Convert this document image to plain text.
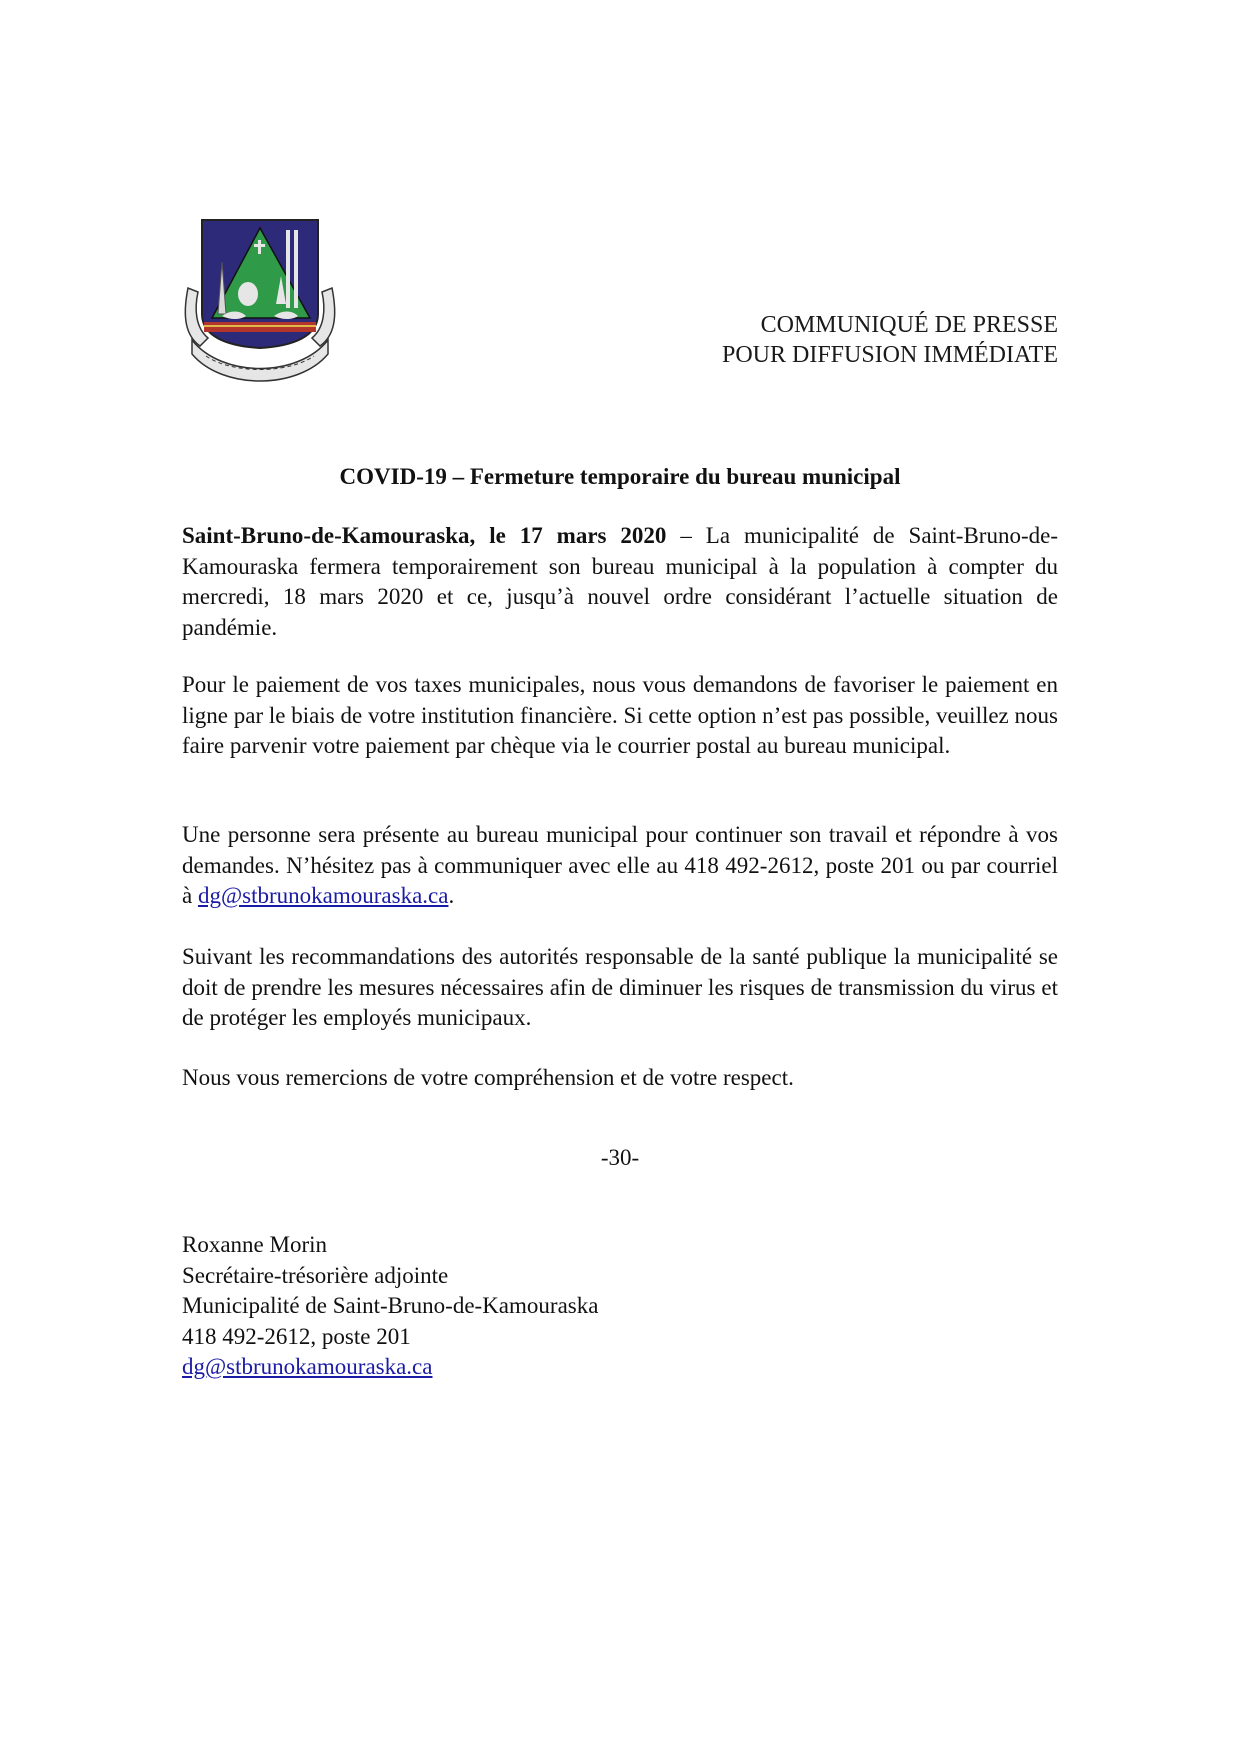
COMMUNIQUÉ DE PRESSE
POUR DIFFUSION IMMÉDIATE
COVID-19 – Fermeture temporaire du bureau municipal

Saint-Bruno-de-Kamouraska, le 17 mars 2020 – La municipalité de Saint-Bruno-de-Kamouraska fermera temporairement son bureau municipal à la population à compter du mercredi, 18 mars 2020 et ce, jusqu’à nouvel ordre considérant l’actuelle situation de pandémie.

Pour le paiement de vos taxes municipales, nous vous demandons de favoriser le paiement en ligne par le biais de votre institution financière. Si cette option n’est pas possible, veuillez nous faire parvenir votre paiement par chèque via le courrier postal au bureau municipal.

Une personne sera présente au bureau municipal pour continuer son travail et répondre à vos demandes. N’hésitez pas à communiquer avec elle au 418 492-2612, poste 201 ou par courriel à dg@stbrunokamouraska.ca.

Suivant les recommandations des autorités responsable de la santé publique la municipalité se doit de prendre les mesures nécessaires afin de diminuer les risques de transmission du virus et de protéger les employés municipaux.

Nous vous remercions de votre compréhension et de votre respect.

-30-
Roxanne Morin
Secrétaire-trésorière adjointe
Municipalité de Saint-Bruno-de-Kamouraska
418 492-2612, poste 201
dg@stbrunokamouraska.ca
